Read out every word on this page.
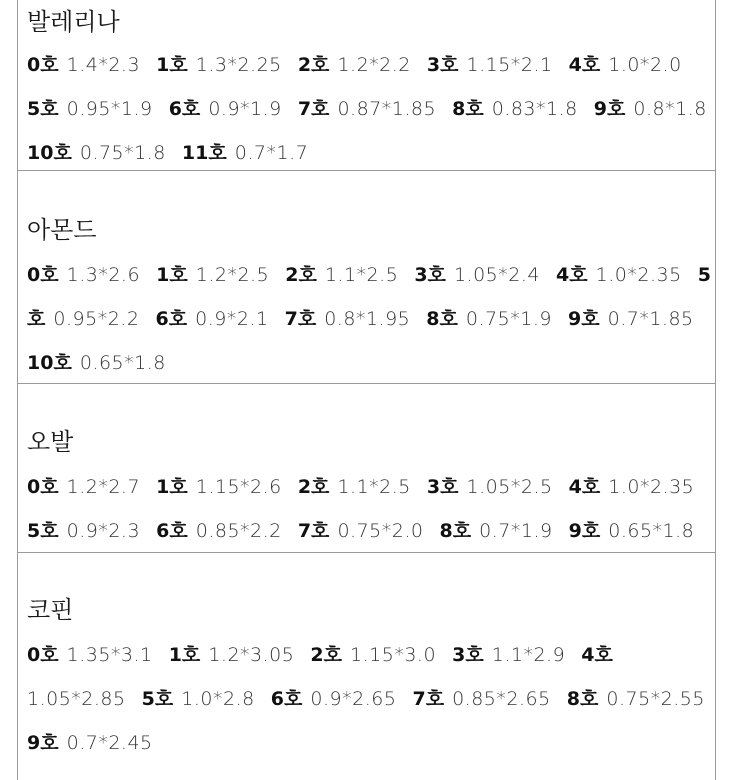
발레리나
0호 1.4*2.3 1호 1.3*2.25 2호 1.2*2.2 3호 1.15*2.1 4호 1.0*2.0
5호 0.95*1.9 6호 0.9*1.9 7호 0.87*1.85 8호 0.83*1.8 9호 0.8*1.8
10호 0.75*1.8 11호 0.7*1.7
아몬드
0호 1.3*2.6 1호 1.2*2.5 2호 1.1*2.5 3호 1.05*2.4 4호 1.0*2.35 5
호 0.95*2.2 6호 0.9*2.1 7호 0.8*1.95 8호 0.75*1.9 9호 0.7*1.85
10호 0.65*1.8
오발
0호 1.2*2.7 1호 1.15*2.6 2호 1.1*2.5 3호 1.05*2.5 4호 1.0*2.35
5호 0.9*2.3 6호 0.85*2.2 7호 0.75*2.0 8호 0.7*1.9 9호 0.65*1.8
코핀
0호 1.35*3.1 1호 1.2*3.05 2호 1.15*3.0 3호 1.1*2.9 4호
1.05*2.85 5호 1.0*2.8 6호 0.9*2.65 7호 0.85*2.65 8호 0.75*2.55
9호 0.7*2.45
